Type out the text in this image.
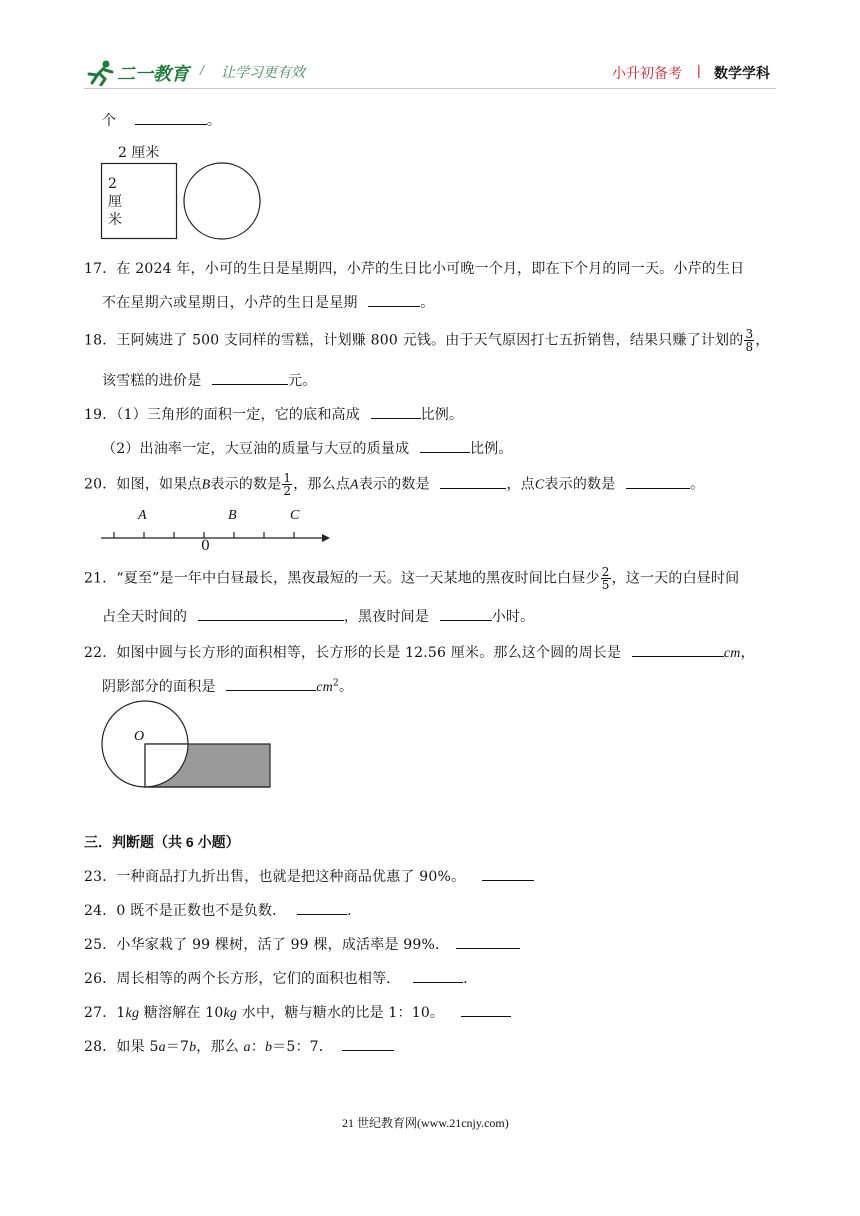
二一教育 / 让学习更有效	小升初备考 | 数学学科
个	。
2 厘米
2
厘
米
17．在 2024 年，小可的生日是星期四，小芹的生日比小可晚一个月，即在下个月的同一天。小芹的生日
不在星期六或星期日，小芹的生日是星期	。
18．王阿姨进了 500 支同样的雪糕，计划赚 800 元钱。由于天气原因打七五折销售，结果只赚了计划的 $\frac{3}{8}$ ，
该雪糕的进价是	元。
19．（1）三角形的面积一定，它的底和高成	比例。
（2）出油率一定，大豆油的质量与大豆的质量成	比例。
20．如图，如果点B表示的数是 $\frac{1}{2}$ ，那么点A表示的数是	，点C表示的数是	。
A	B	C
0
21．“夏至”是一年中白昼最长，黑夜最短的一天。这一天某地的黑夜时间比白昼少 $\frac{2}{5}$ ，这一天的白昼时间
占全天时间的	，黑夜时间是	小时。
22．如图中圆与长方形的面积相等，长方形的长是 12.56 厘米。那么这个圆的周长是	cm，
阴影部分的面积是	$cm^2$。
O
三．判断题（共 6 小题）
23．一种商品打九折出售，也就是把这种商品优惠了 90%。
24．0 既不是正数也不是负数．	.
25．小华家栽了 99 棵树，活了 99 棵，成活率是 99%．
26．周长相等的两个长方形，它们的面积也相等．	.
27．1kg 糖溶解在 10kg 水中，糖与糖水的比是 1：10。
28．如果 5a＝7b，那么 a：b＝5：7．
21 世纪教育网(www.21cnjy.com)
